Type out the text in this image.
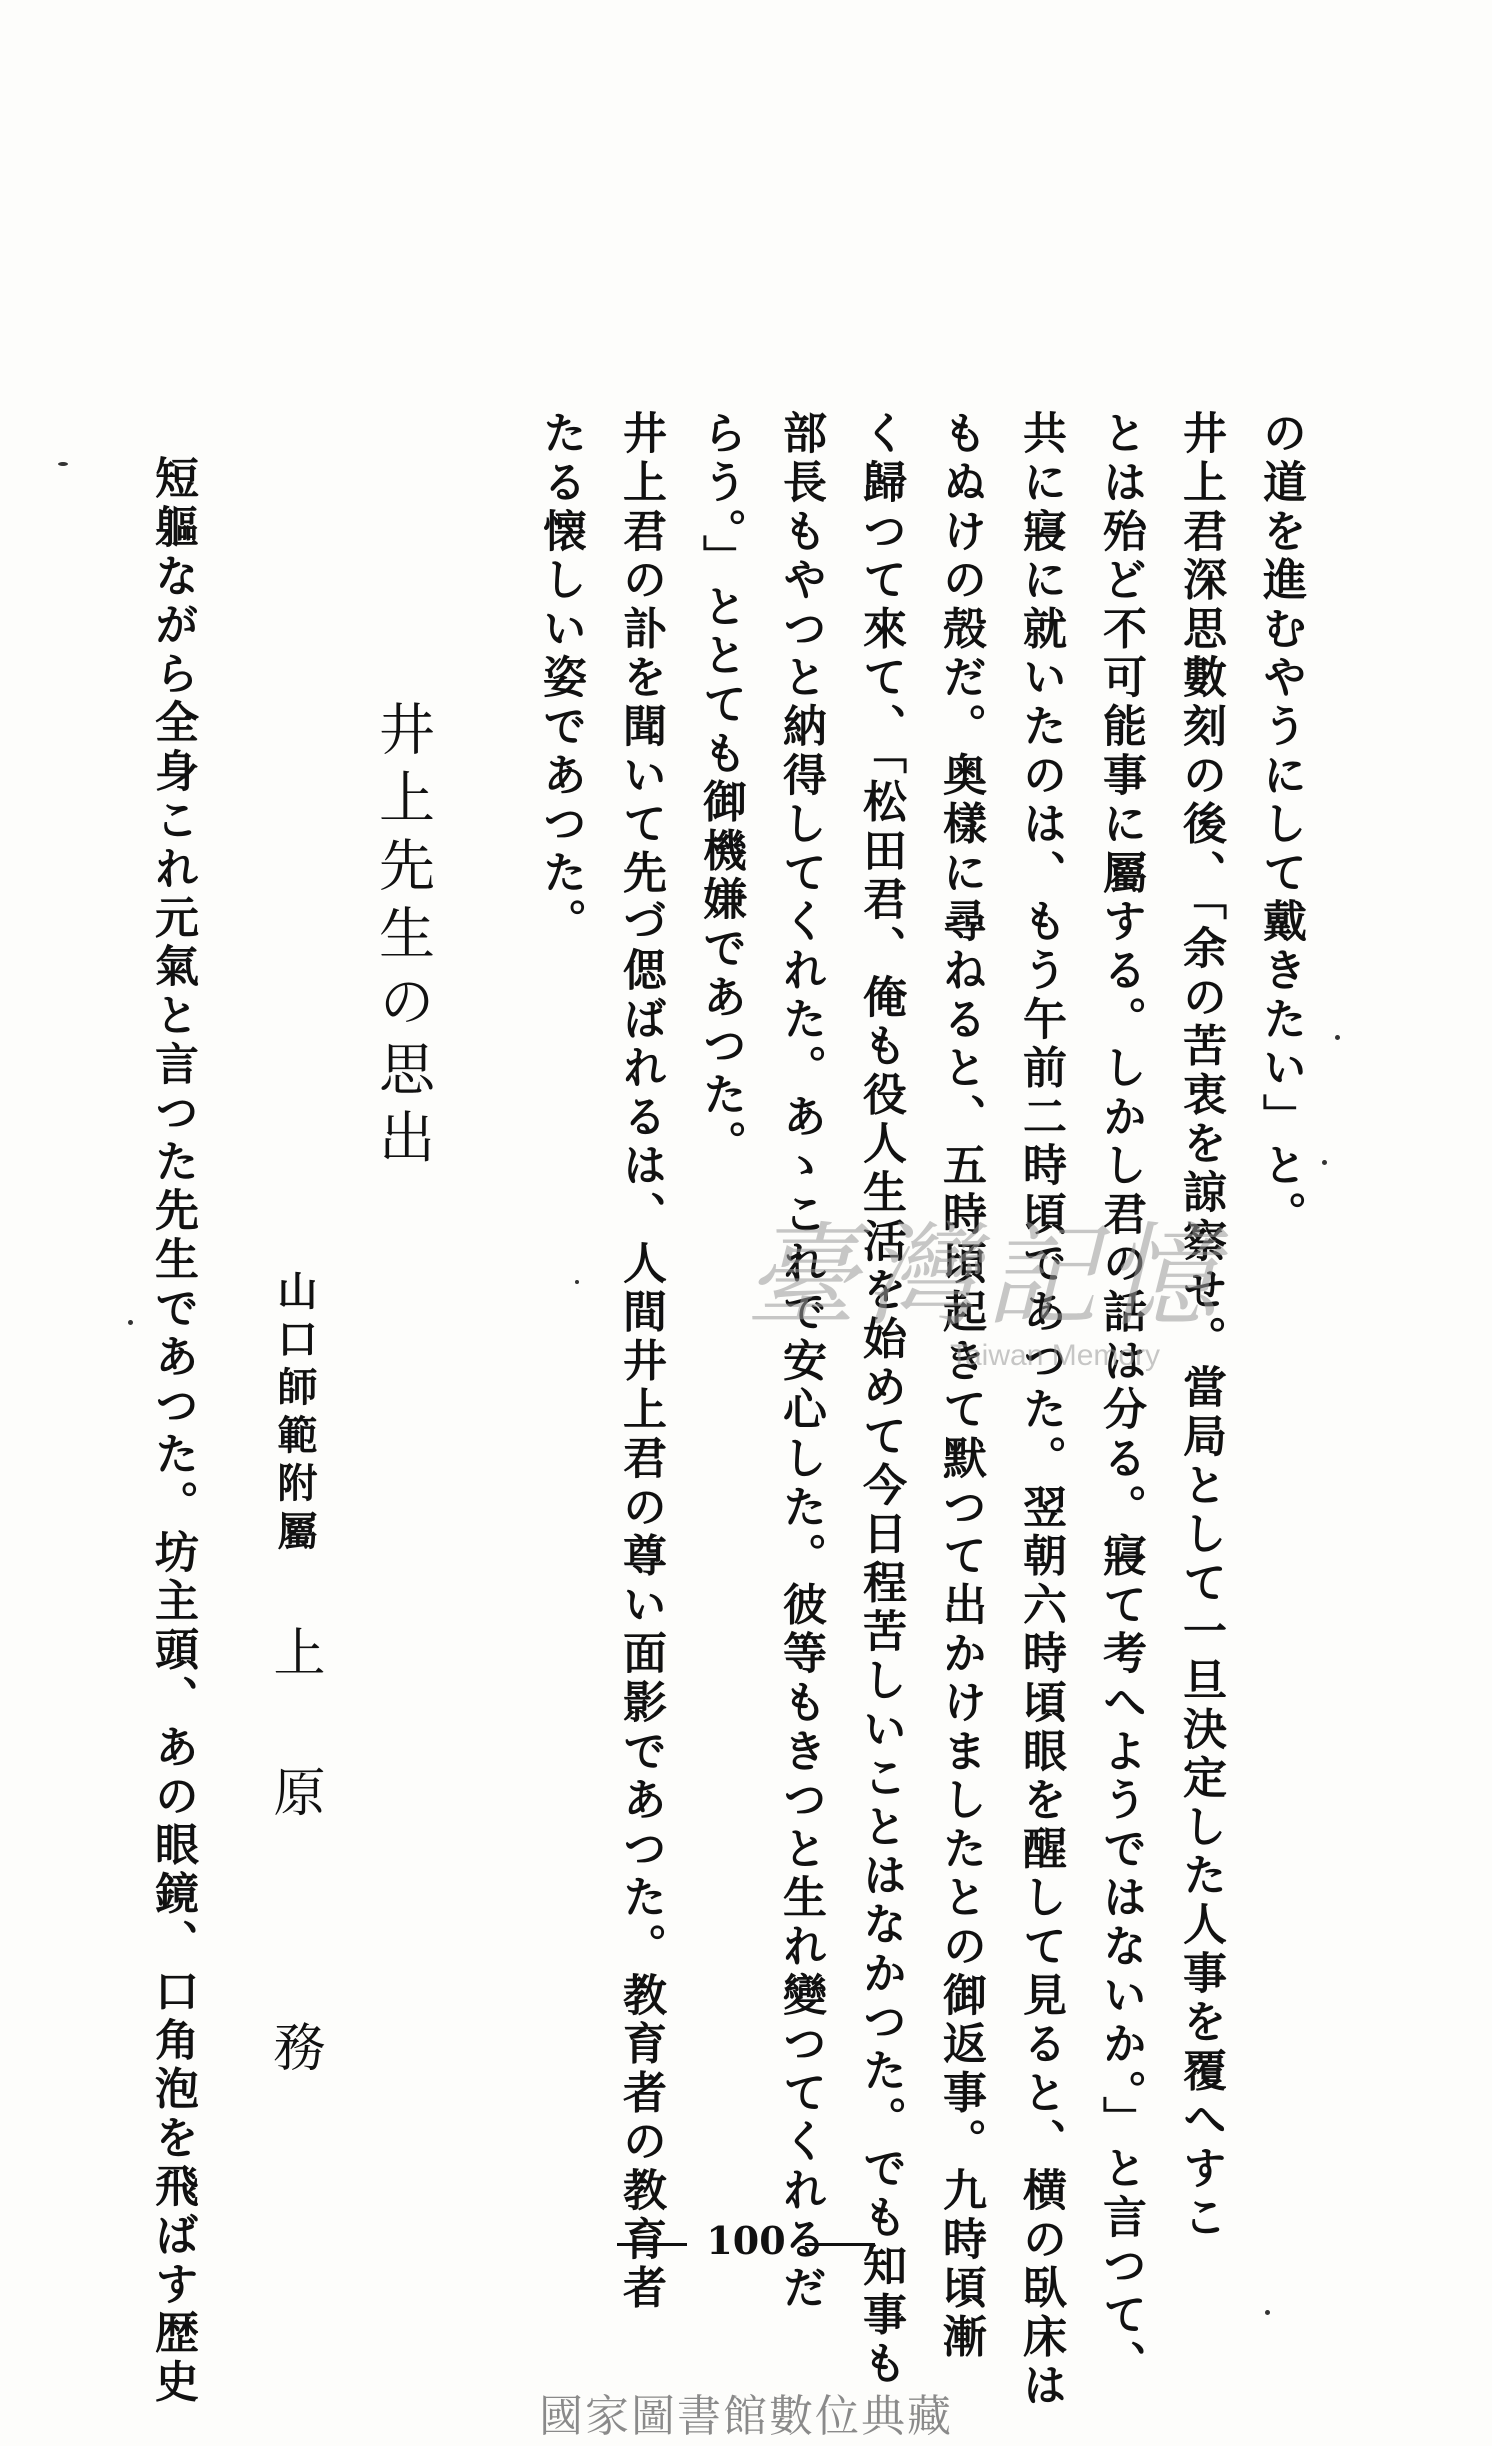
の道を進むやうにして戴きたい」と。
井上君深思數刻の後、「余の苦衷を諒察せ。當局として一旦決定した人事を覆へすこ
とは殆ど不可能事に屬する。しかし君の話は分る。寢て考へようではないか。」と言つて、
共に寢に就いたのは、もう午前二時頃であつた。翌朝六時頃眼を醒して見ると、横の臥床は
もぬけの殻だ。奥樣に尋ねると、五時頃起きて默つて出かけましたとの御返事。九時頃漸
く歸つて來て、「松田君、俺も役人生活を始めて今日程苦しいことはなかつた。でも知事も
部長もやつと納得してくれた。あゝこれで安心した。彼等もきつと生れ變つてくれるだ
らう。」ととても御機嫌であつた。
井上君の訃を聞いて先づ偲ばれるは、人間井上君の尊い面影であつた。教育者の教育者
たる懐しい姿であつた。
井上先生の思出
山口師範附屬
上
原
務
短軀ながら全身これ元氣と言つた先生であつた。坊主頭、あの眼鏡、口角泡を飛ばす歴史	100
臺灣記憶
Taiwan Memory
國家圖書館數位典藏
